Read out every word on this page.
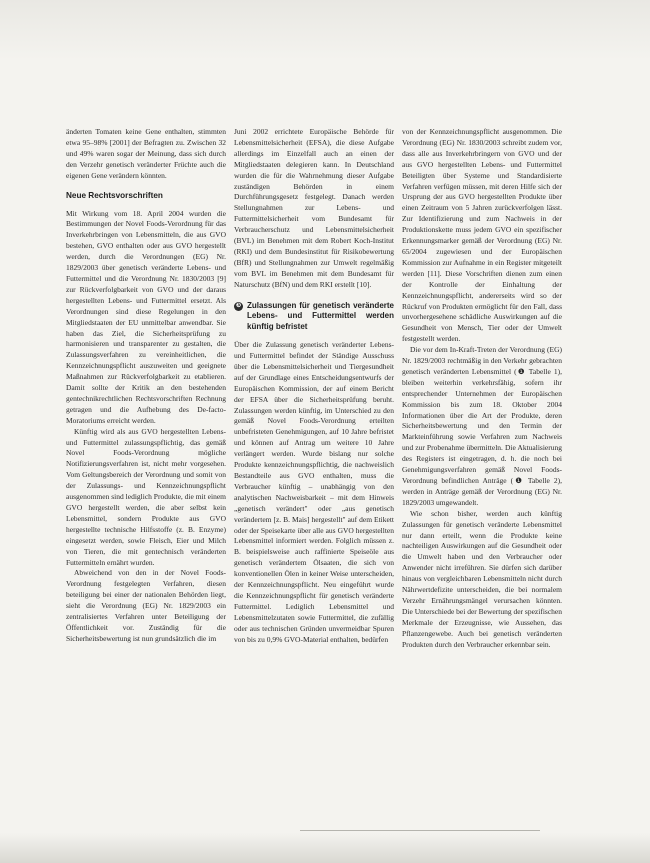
änderten Tomaten keine Gene enthalten, stimmten etwa 95–98% [2001] der Befragten zu. Zwischen 32 und 49% waren sogar der Meinung, dass sich durch den Verzehr genetisch veränderter Früchte auch die eigenen Gene verändern könnten.

Neue Rechtsvorschriften

Mit Wirkung vom 18. April 2004 wurden die Bestimmungen der Novel Foods-Verordnung für das Inverkehrbringen von Lebensmitteln, die aus GVO bestehen, GVO enthalten oder aus GVO hergestellt werden, durch die Verordnungen (EG) Nr. 1829/2003 über genetisch veränderte Lebens- und Futtermittel und die Verordnung Nr. 1830/2003 [9] zur Rückverfolgbarkeit von GVO und der daraus hergestellten Lebens- und Futtermittel ersetzt. Als Verordnungen sind diese Regelungen in den Mitgliedstaaten der EU unmittelbar anwendbar. Sie haben das Ziel, die Sicherheitsprüfung zu harmonisieren und transparenter zu gestalten, die Zulassungsverfahren zu vereinheitlichen, die Kennzeichnungspflicht auszuweiten und geeignete Maßnahmen zur Rückverfolgbarkeit zu etablieren. Damit sollte der Kritik an den bestehenden gentechnikrechtlichen Rechtsvorschriften Rechnung getragen und die Aufhebung des De-facto-Moratoriums erreicht werden.

Künftig wird als aus GVO hergestellten Lebens- und Futtermittel zulassungspflichtig, das gemäß Novel Foods-Verordnung mögliche Notifizierungsverfahren ist, nicht mehr vorgesehen. Vom Geltungsbereich der Verordnung und somit von der Zulassungs- und Kennzeichnungspflicht ausgenommen sind lediglich Produkte, die mit einem GVO hergestellt werden, die aber selbst kein Lebensmittel, sondern Produkte aus GVO hergestellte technische Hilfsstoffe (z. B. Enzyme) eingesetzt werden, sowie Fleisch, Eier und Milch von Tieren, die mit gentechnisch veränderten Futtermitteln ernährt wurden.

Abweichend von den in der Novel Foods-Verordnung festgelegten Verfahren, diesen beteiligung bei einer der nationalen Behörden liegt, sieht die Verordnung (EG) Nr. 1829/2003 ein zentralisiertes Verfahren unter Beteiligung der Öffentlichkeit vor. Zuständig für die Sicherheitsbewertung ist nun grundsätzlich die im

Juni 2002 errichtete Europäische Behörde für Lebensmittelsicherheit (EFSA), die diese Aufgabe allerdings im Einzelfall auch an einen der Mitgliedstaaten delegieren kann. In Deutschland wurden die für die Wahrnehmung dieser Aufgabe zuständigen Behörden in einem Durchführungsgesetz festgelegt. Danach werden Stellungnahmen zur Lebens- und Futtermittelsicherheit vom Bundesamt für Verbraucherschutz und Lebensmittelsicherheit (BVL) im Benehmen mit dem Robert Koch-Institut (RKI) und dem Bundesinstitut für Risikobewertung (BfR) und Stellungnahmen zur Umwelt regelmäßig vom BVL im Benehmen mit dem Bundesamt für Naturschutz (BfN) und dem RKI erstellt [10].

❸ Zulassungen für genetisch veränderte Lebens- und Futtermittel werden künftig befristet

Über die Zulassung genetisch veränderter Lebens- und Futtermittel befindet der Ständige Ausschuss über die Lebensmittelsicherheit und Tiergesundheit auf der Grundlage eines Entscheidungsentwurfs der Europäischen Kommission, der auf einem Bericht der EFSA über die Sicherheitsprüfung beruht. Zulassungen werden künftig, im Unterschied zu den gemäß Novel Foods-Verordnung erteilten unbefristeten Genehmigungen, auf 10 Jahre befristet und können auf Antrag um weitere 10 Jahre verlängert werden. Wurde bislang nur solche Produkte kennzeichnungspflichtig, die nachweislich Bestandteile aus GVO enthalten, muss die Verbraucher künftig – unabhängig von den analytischen Nachweisbarkeit – mit dem Hinweis „genetisch verändert" oder „aus genetisch verändertem [z. B. Mais] hergestellt" auf dem Etikett oder der Speisekarte über alle aus GVO hergestellten Lebensmittel informiert werden. Folglich müssen z. B. beispielsweise auch raffinierte Speiseöle aus genetisch verändertem Ölsaaten, die sich von konventionellen Ölen in keiner Weise unterscheiden, der Kennzeichnungspflicht. Neu eingeführt wurde die Kennzeichnungspflicht für genetisch veränderte Futtermittel. Lediglich Lebensmittel und Lebensmittelzutaten sowie Futtermittel, die zufällig oder aus technischen Gründen unvermeidbar Spuren von bis zu 0,9% GVO-Material enthalten, bedürfen

von der Kennzeichnungspflicht ausgenommen. Die Verordnung (EG) Nr. 1830/2003 schreibt zudem vor, dass alle aus Inverkehrbringern von GVO und der aus GVO hergestellten Lebens- und Futtermittel Beteiligten über Systeme und Standardisierte Verfahren verfügen müssen, mit deren Hilfe sich der Ursprung der aus GVO hergestellten Produkte über einen Zeitraum von 5 Jahren zurückverfolgen lässt. Zur Identifizierung und zum Nachweis in der Produktionskette muss jedem GVO ein spezifischer Erkennungsmarker gemäß der Verordnung (EG) Nr. 65/2004 zugewiesen und der Europäischen Kommission zur Aufnahme in ein Register mitgeteilt werden [11]. Diese Vorschriften dienen zum einen der Kontrolle der Einhaltung der Kennzeichnungspflicht, andererseits wird so der Rückruf von Produkten ermöglicht für den Fall, dass unvorhergesehene schädliche Auswirkungen auf die Gesundheit von Mensch, Tier oder der Umwelt festgestellt werden.

Die vor dem In-Kraft-Treten der Verordnung (EG) Nr. 1829/2003 rechtmäßig in den Verkehr gebrachten genetisch veränderten Lebensmittel (❶ Tabelle 1), bleiben weiterhin verkehrsfähig, sofern ihr entsprechender Unternehmen der Europäischen Kommission bis zum 18. Oktober 2004 Informationen über die Art der Produkte, deren Sicherheitsbewertung und den Termin der Markteinführung sowie Verfahren zum Nachweis und zur Probenahme übermitteln. Die Aktualisierung des Registers ist eingetragen, d. h. die noch bei Genehmigungsverfahren gemäß Novel Foods-Verordnung befindlichen Anträge (❶ Tabelle 2), werden in Anträge gemäß der Verordnung (EG) Nr. 1829/2003 umgewandelt.

Wie schon bisher, werden auch künftig Zulassungen für genetisch veränderte Lebensmittel nur dann erteilt, wenn die Produkte keine nachteiligen Auswirkungen auf die Gesundheit oder die Umwelt haben und den Verbraucher oder Anwender nicht irreführen. Sie dürfen sich darüber hinaus von vergleichbaren Lebensmitteln nicht durch Nährwertdefizite unterscheiden, die bei normalem Verzehr Ernährungsmängel verursachen könnten. Die Unterschiede bei der Bewertung der spezifischen Merkmale der Erzeugnisse, wie Aussehen, das Pflanzengewebe. Auch bei genetisch veränderten Produkten durch den Verbraucher erkennbar sein.
